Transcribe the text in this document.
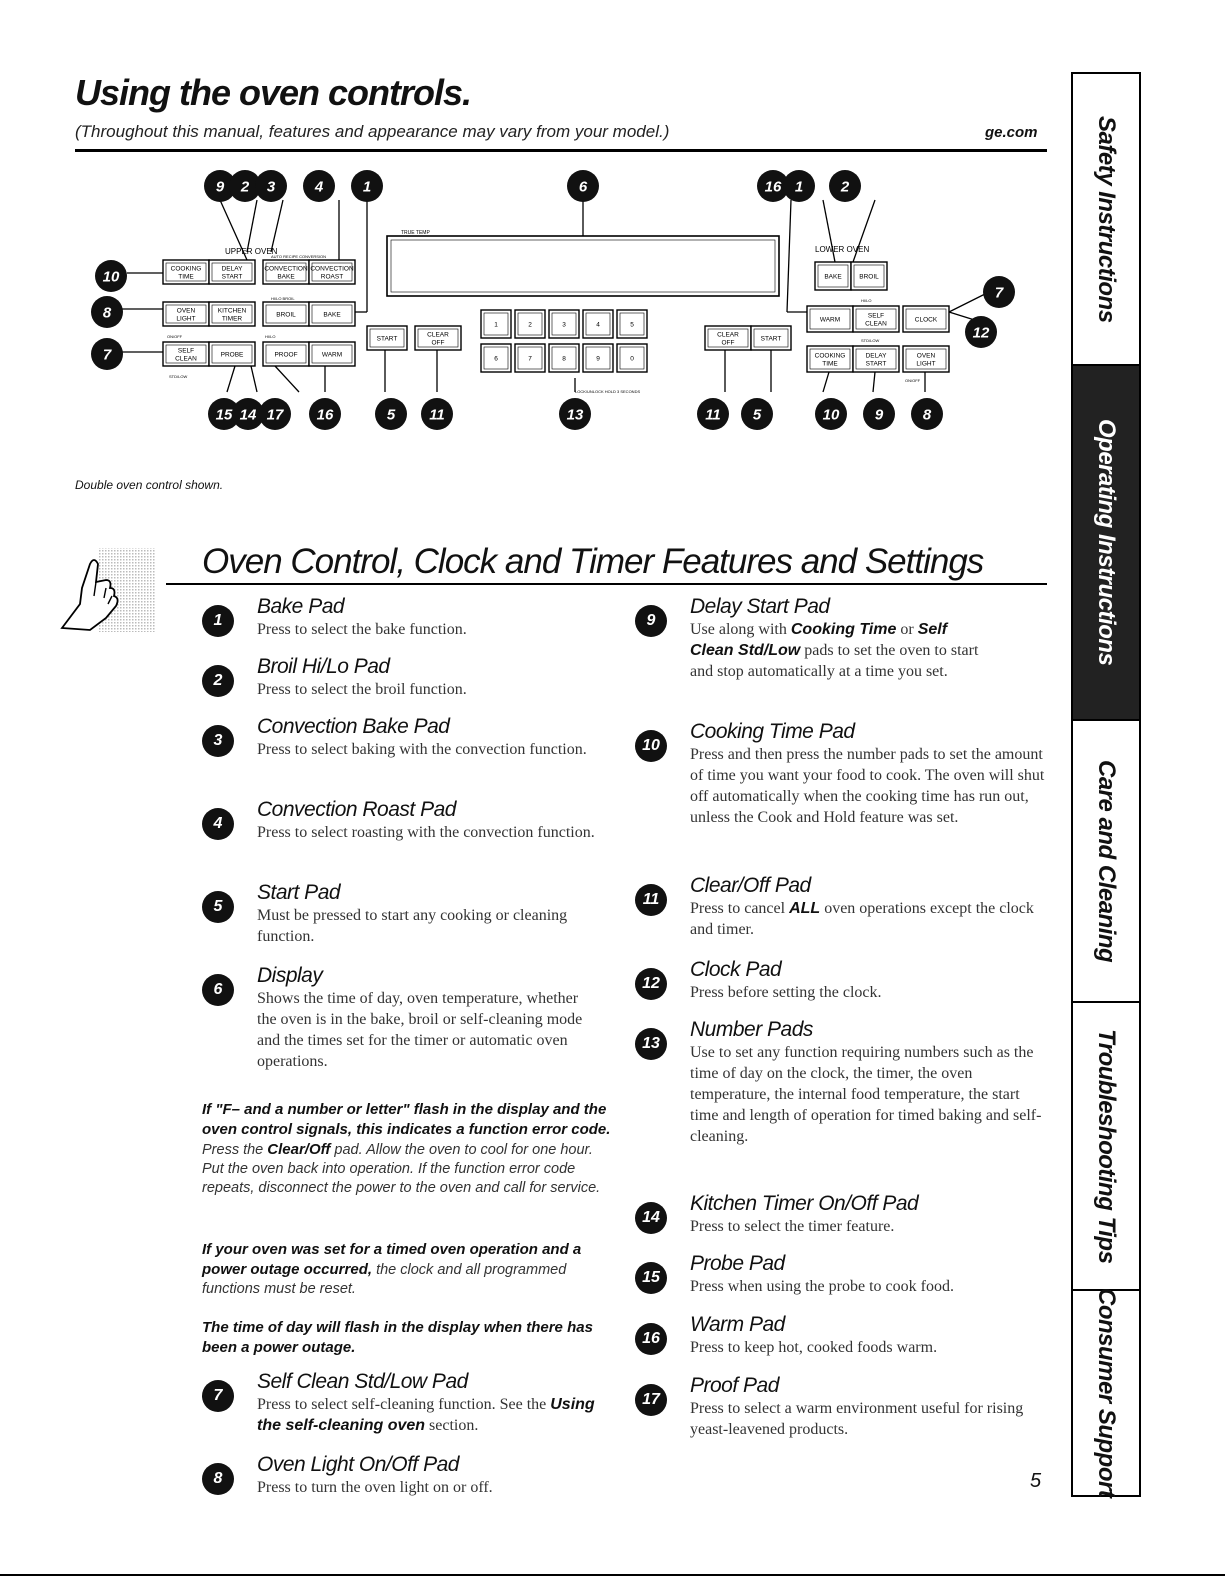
Using the oven controls.
(Throughout this manual, features and appearance may vary from your model.)	ge.com Safety Instructions
Operating Instructions
Care and Cleaning
Troubleshooting Tips
Consumer Support
COOKING
TIME
DELAY
START
CONVECTION
BAKE
CONVECTION
ROAST
OVEN
LIGHT
KITCHEN
TIMER
BROIL	BAKE
SELF
CLEAN
PROBE	PROOF	WARM
START
CLEAR
OFF
1	2	3	4	5
6	7	8	9	0
BAKE	BROIL
WARM
SELF
CLEAN
CLOCK
CLEAR
OFF
START
COOKING
TIME
DELAY
START
OVEN
LIGHT
9 2 3	4	1	6	16 1	2
10
8
7
7
12
15 14 17 16	5 11	13	11 5	10 9	8
UPPER OVEN	LOWER OVEN
TRUE TEMP
AUTO RECIPE CONVERSION
HI/LO BROIL
ON/OFF	HI/LO
STD/LOW
LOCK/UNLOCK HOLD 3 SECONDS
HI/LO
STD/LOW
ON/OFF
Double oven control shown.
Oven Control, Clock and Timer Features and Settings
1
Bake Pad
Press to select the bake function.
2
Broil Hi/Lo Pad
Press to select the broil function.
3
Convection Bake Pad
Press to select baking with the convection function.
4
Convection Roast Pad
Press to select roasting with the convection function.
5
Start Pad
Must be pressed to start any cooking or cleaning function.
6
Display
Shows the time of day, oven temperature, whether the oven is in the bake, broil or self-cleaning mode and the times set for the timer or automatic oven operations.
If "F– and a number or letter" flash in the display and the oven control signals, this indicates a function error code. Press the Clear/Off pad. Allow the oven to cool for one hour. Put the oven back into operation. If the function error code repeats, disconnect the power to the oven and call for service.
If your oven was set for a timed oven operation and a power outage occurred, the clock and all programmed functions must be reset.
The time of day will flash in the display when there has been a power outage.
7
Self Clean Std/Low Pad
Press to select self-cleaning function. See the Using the self-cleaning oven section.
8
Oven Light On/Off Pad
Press to turn the oven light on or off.
9
Delay Start Pad
Use along with Cooking Time or Self Clean Std/Low pads to set the oven to start and stop automatically at a time you set.
10
Cooking Time Pad
Press and then press the number pads to set the amount of time you want your food to cook. The oven will shut off automatically when the cooking time has run out, unless the Cook and Hold feature was set.
11
Clear/Off Pad
Press to cancel ALL oven operations except the clock and timer.
12
Clock Pad
Press before setting the clock.
13
Number Pads
Use to set any function requiring numbers such as the time of day on the clock, the timer, the oven temperature, the internal food temperature, the start time and length of operation for timed baking and self-cleaning.
14
Kitchen Timer On/Off Pad
Press to select the timer feature.
15
Probe Pad
Press when using the probe to cook food.
16
Warm Pad
Press to keep hot, cooked foods warm.
17
Proof Pad
Press to select a warm environment useful for rising yeast-leavened products.
5
